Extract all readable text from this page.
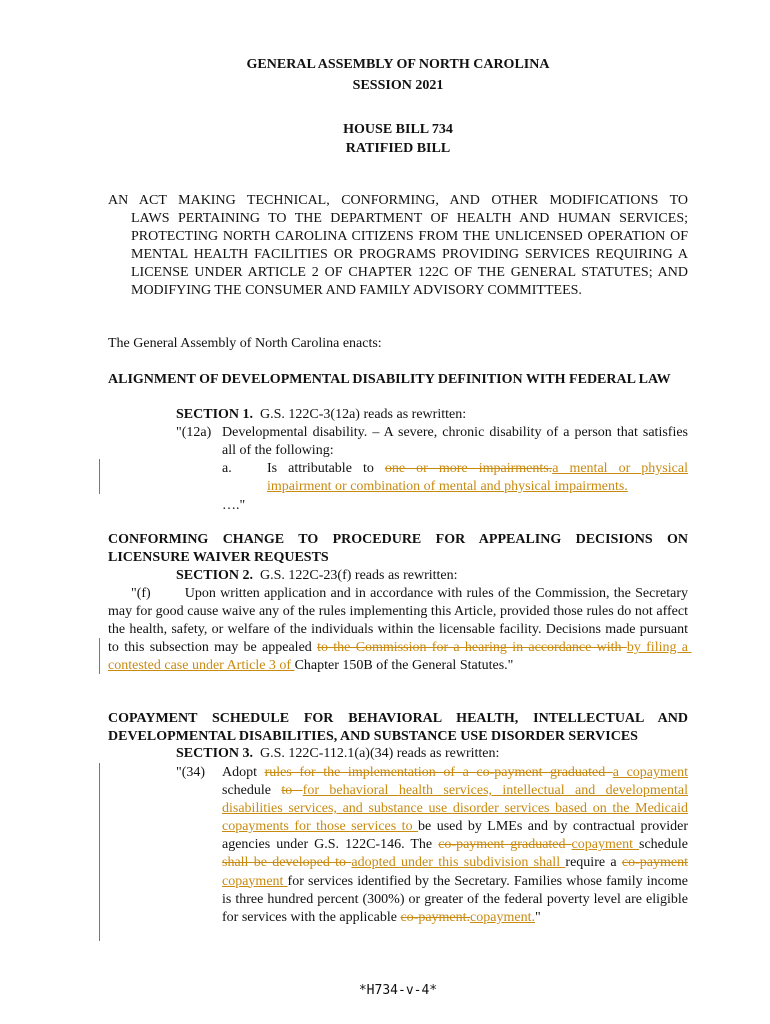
GENERAL ASSEMBLY OF NORTH CAROLINA
SESSION 2021
HOUSE BILL 734
RATIFIED BILL
AN ACT MAKING TECHNICAL, CONFORMING, AND OTHER MODIFICATIONS TO
LAWS PERTAINING TO THE DEPARTMENT OF HEALTH AND HUMAN SERVICES; PROTECTING NORTH CAROLINA CITIZENS FROM THE UNLICENSED OPERATION OF MENTAL HEALTH FACILITIES OR PROGRAMS PROVIDING SERVICES REQUIRING A LICENSE UNDER ARTICLE 2 OF CHAPTER 122C OF THE GENERAL STATUTES; AND MODIFYING THE CONSUMER AND FAMILY ADVISORY COMMITTEES.
The General Assembly of North Carolina enacts:
ALIGNMENT OF DEVELOPMENTAL DISABILITY DEFINITION WITH FEDERAL LAW
SECTION 1. G.S. 122C-3(12a) reads as rewritten:
"(12a) Developmental disability. – A severe, chronic disability of a person that satisfies all of the following:
a.	Is attributable to one or more impairments.a mental or physical impairment or combination of mental and physical impairments.
…."
CONFORMING CHANGE TO PROCEDURE FOR APPEALING DECISIONS ON LICENSURE WAIVER REQUESTS
SECTION 2. G.S. 122C-23(f) reads as rewritten:
"(f)        Upon written application and in accordance with rules of the Commission, the Secretary may for good cause waive any of the rules implementing this Article, provided those rules do not affect the health, safety, or welfare of the individuals within the licensable facility. Decisions made pursuant to this subsection may be appealed to the Commission for a hearing in accordance with by filing a contested case under Article 3 of Chapter 150B of the General Statutes."
COPAYMENT SCHEDULE FOR BEHAVIORAL HEALTH, INTELLECTUAL AND DEVELOPMENTAL DISABILITIES, AND SUBSTANCE USE DISORDER SERVICES
SECTION 3. G.S. 122C-112.1(a)(34) reads as rewritten:
"(34)	Adopt rules for the implementation of a co-payment graduated a copayment schedule to for behavioral health services, intellectual and developmental disabilities services, and substance use disorder services based on the Medicaid copayments for those services to be used by LMEs and by contractual provider agencies under G.S. 122C-146. The co-payment graduated copayment schedule shall be developed to adopted under this subdivision shall require a co-payment copayment for services identified by the Secretary. Families whose family income is three hundred percent (300%) or greater of the federal poverty level are eligible for services with the applicable co-payment.copayment."
*H734-v-4*
